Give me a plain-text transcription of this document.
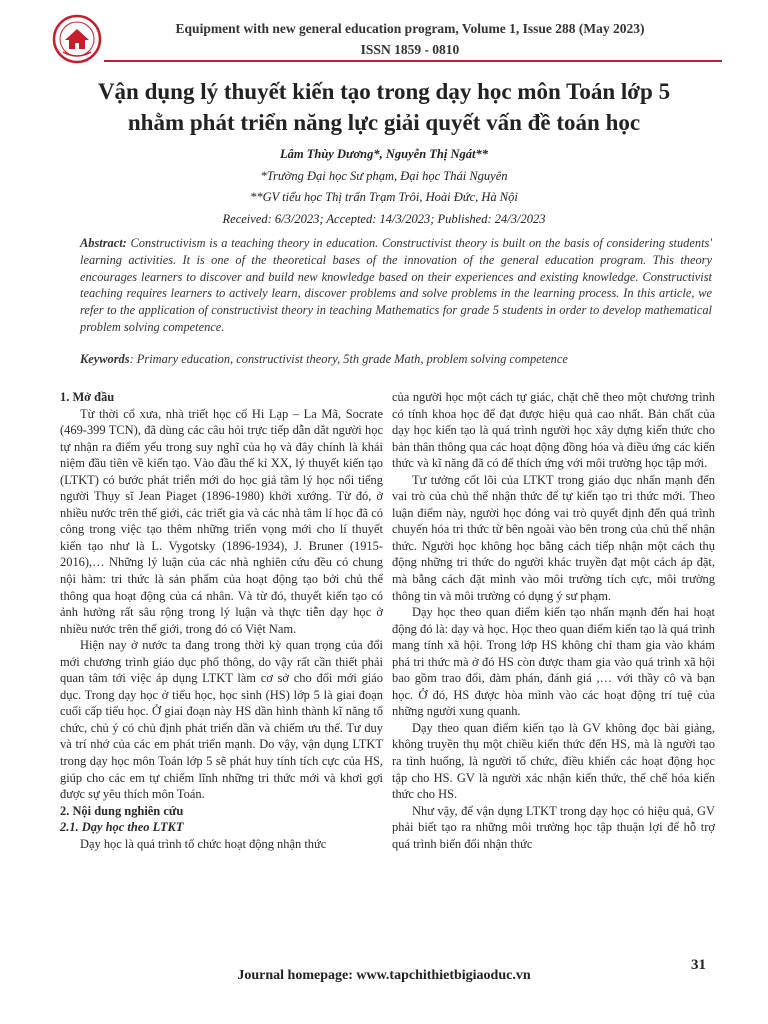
Equipment with new general education program, Volume 1, Issue 288 (May 2023)
ISSN 1859 - 0810
Vận dụng lý thuyết kiến tạo trong dạy học môn Toán lớp 5
nhằm phát triển năng lực giải quyết vấn đề toán học
Lâm Thùy Dương*, Nguyễn Thị Ngát**
*Trường Đại học Sư phạm, Đại học Thái Nguyên
**GV tiểu học Thị trấn Trạm Trôi, Hoài Đức, Hà Nội
Received: 6/3/2023; Accepted: 14/3/2023; Published: 24/3/2023
Abstract: Constructivism is a teaching theory in education. Constructivist theory is built on the basis of considering students' learning activities. It is one of the theoretical bases of the innovation of the general education program. This theory encourages learners to discover and build new knowledge based on their experiences and existing knowledge. Constructivist teaching requires learners to actively learn, discover problems and solve problems in the learning process. In this article, we refer to the application of constructivist theory in teaching Mathematics for grade 5 students in order to develop mathematical problem solving competence.
Keywords: Primary education, constructivist theory, 5th grade Math, problem solving competence
1. Mở đầu

Từ thời cổ xưa, nhà triết học cổ Hi Lạp – La Mã, Socrate (469-399 TCN), đã dùng các câu hỏi trực tiếp dẫn dắt người học tự nhận ra điểm yếu trong suy nghĩ của họ và đây chính là khái niệm đầu tiên về kiến tạo. Vào đầu thế kỉ XX, lý thuyết kiến tạo (LTKT) có bước phát triển mới do học giả tâm lý học nổi tiếng người Thụy sĩ Jean Piaget (1896-1980) khởi xướng. Từ đó, ở nhiều nước trên thế giới, các triết gia và các nhà tâm lí học đã có công trong việc tạo thêm những triển vọng mới cho lí thuyết kiến tạo như là L. Vygotsky (1896-1934), J. Bruner (1915-2016),… Những lý luận của các nhà nghiên cứu đều có chung nội hàm: tri thức là sản phẩm của hoạt động tạo bởi chủ thể thông qua hoạt động của cá nhân. Và từ đó, thuyết kiến tạo có ảnh hưởng rất sâu rộng trong lý luận và thực tiễn dạy học ở nhiều nước trên thế giới, trong đó có Việt Nam.

Hiện nay ở nước ta đang trong thời kỳ quan trọng của đổi mới chương trình giáo dục phổ thông, do vậy rất cần thiết phải quan tâm tới việc áp dụng LTKT làm cơ sở cho đổi mới giáo dục. Trong dạy học ở tiểu học, học sinh (HS) lớp 5 là giai đoạn cuối cấp tiểu học. Ở giai đoạn này HS dần hình thành kĩ năng tổ chức, chủ ý có chủ định phát triển dần và chiếm ưu thế. Tư duy và trí nhớ của các em phát triển mạnh. Do vậy, vận dụng LTKT trong dạy học môn Toán lớp 5 sẽ phát huy tính tích cực của HS, giúp cho các em tự chiếm lĩnh những tri thức mới và khơi gợi được sự yêu thích môn Toán.

2. Nội dung nghiên cứu
2.1. Dạy học theo LTKT

Dạy học là quá trình tổ chức hoạt động nhận thức

của người học một cách tự giác, chặt chẽ theo một chương trình có tính khoa học để đạt được hiệu quả cao nhất. Bản chất của dạy học kiến tạo là quá trình người học xây dựng kiến thức cho bản thân thông qua các hoạt động đồng hóa và điều ứng các kiến thức và kĩ năng đã có để thích ứng với môi trường học tập mới.

Tư tưởng cốt lõi của LTKT trong giáo dục nhấn mạnh đến vai trò của chủ thể nhận thức để tự kiến tạo tri thức mới. Theo luận điểm này, người học đóng vai trò quyết định đến quá trình chuyển hóa tri thức từ bên ngoài vào bên trong của chủ thể nhận thức. Người học không học bằng cách tiếp nhận một cách thụ động những tri thức do người khác truyền đạt một cách áp đặt, mà bằng cách đặt mình vào môi trường tích cực, môi trường thông tin và môi trường có dụng ý sư phạm.

Dạy học theo quan điểm kiến tạo nhấn mạnh đến hai hoạt động đó là: dạy và học. Học theo quan điểm kiến tạo là quá trình mang tính xã hội. Trong lớp HS không chỉ tham gia vào khám phá tri thức mà ở đó HS còn được tham gia vào quá trình xã hội bao gồm trao đổi, đàm phán, đánh giá ,… với thầy cô và bạn học. Ở đó, HS được hòa mình vào các hoạt động trí tuệ của những người xung quanh.

Dạy theo quan điểm kiến tạo là GV không đọc bài giảng, không truyền thụ một chiều kiến thức đến HS, mà là người tạo ra tình huống, là người tổ chức, điều khiển các hoạt động học tập cho HS. GV là người xác nhận kiến thức, thể chế hóa kiến thức cho HS.

Như vậy, để vận dụng LTKT trong dạy học có hiệu quả, GV phải biết tạo ra những môi trường học tập thuận lợi để hỗ trợ quá trình biến đổi nhận thức

31
Journal homepage: www.tapchithietbigiaoduc.vn
